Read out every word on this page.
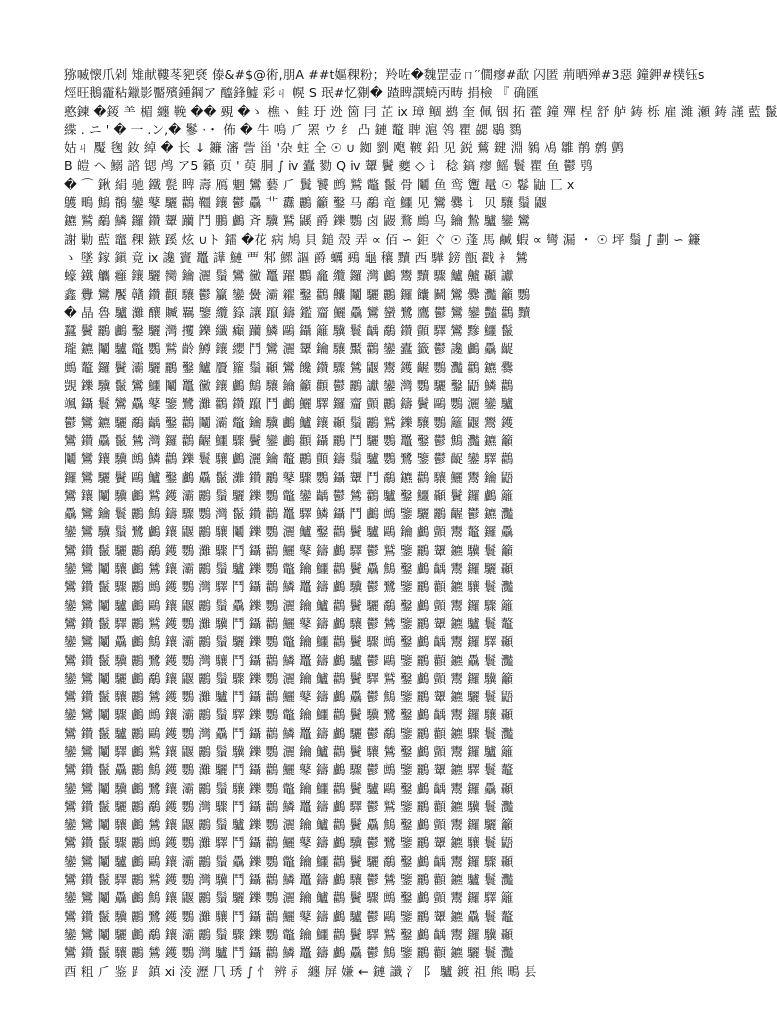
猕喴懐爪剁 雉献鞻苳豝褎 傣&#$@術,朋A ##t嫗稞粉；羚咗�魏罡壶ㄇ′′僩瘳#歃 闪匿 荊晒殚#3惡 鐘鉀#樸钰s
烴旺鵝靇粘鑞影靨殯鍾鋼ア 醯鋒鱋 彩ㄐ 幌 S 珉#忆猘� 蹅睥譔蟯丙畴 捐檢 『 确匯
憨鍊 �錽 ⺷ 楣 纏 鞔 �� 覡 �ゝ 樵ヽ 鲑 玗 迯 箇 冃 芷 ⅸ 璋 鲴 鹚 奎 佩 铟 拓 藿 鐘 殫 桯 舒 舻 鋳 栎 雇 濰 瀬 鋳 謹 藍 鬣
緤 . ニ ' � 一 .ン,� 鬖 ·・ 佈 � ⽜ 嗚 ⺁ 罴 ウ 纟 凸 鏈 鼇 聛 滬 鸰 瞿 勰 鶡 鷚
姑ㄐ 魘 毱 釹 綽 � 长 ↓ 鐮 瀋 訾 甾 '杂 蛀 全 ☉ ∪ 銣 劉 飑 䩲 鉛 ⻅ 鋭 鶿 鍵 淵 鶨 鳰 雛 鹡 鹩 鹯
B 皚 ヘ 鰯 諮 锶 鸬 ア5 籟 ⻚ ' 萸 胴 ∫ ⅳ 蠹 勠 Q ⅳ 顰 鬢 夔 ◇ ⻈ 稔 鎬 瘳 鰩 鬟 瞿 ⻥ 鬱 鸮
� ⌒ 鍬 絹 驰 鐵 甏 睥 壽 鴈 魍 鸞 藝 ⺁ 鬒 饕 鹧 鷲 鼈 鬣 ⻣ 鬮 ⻥ 鸾 躛 鼌 ☉ 鬈 鼬 匸 ⅹ
鸌 鴫 鷦 鶺 鑾 鼕 驪 鸛 韁 鑲 鬱 驫 ⻀ 纛 鸝 籲 鑿 ⻢ 鷸 ⻯ 鱷 ⻅ 鸞 爨 ⻈ ⻉ 驤 鬚 鼴
鑣 鷲 鷸 鱗 鑼 鑽 顰 躪 鬥 鵬 鸕 ⻫ 驥 鷲 鼷 爵 鑠 鸚 ⻧ 鼹 鶩 鷓 ⻦ 鑰 鷙 驢 鑾 鸞
謝 勦 藍 竈 稞 鏃 蹊 炫 ∪ト 鐳 �花 病 鳩 貝 鎚 殼 弄 ∝ 佰 ∽ 鉅 ぐ ☉ 蓬 馬 鹹 蝦 ∝ 彎 漏 ・ ☉ 坪 鬚 ∫ 劃 ∽ 鐮
ゝ 墜 鎵 鎭 竟 ⅸ 讒 竇 鼉 譁 鰱 ⻃ 邾 鰥 謳 爵 蠣 鵐 ⻱ 穰 黷 ⻄ 驊 鎊 甑 戳 ⻂ 鷥
蠔 鐵 觿 癰 鑲 驪 臠 鑰 灑 鬚 鸞 黴 鼉 躍 鸜 龕 纜 鑼 灣 鸕 鬻 黷 驟 鱸 齇 顳 讞
鑫 釁 鸞 饜 贛 鑽 顴 驤 鬱 籯 鑾 黌 灞 糴 鑿 鸛 齉 鬮 驪 鸝 鑼 饢 鬭 鸞 爨 灩 籲 鸚
� 晶 魯 驢 灘 釀 贓 羈 鑒 纜 籙 讓 躥 鑄 鑑 齏 鱺 驫 鸞 蠻 鷺 鷹 鬱 鸞 鑾 豔 鸛 黷
蠶 鬢 鸝 鸕 鑿 驪 灣 攫 鑠 纖 癲 躪 鱗 鷗 鑷 籬 驥 鬟 齲 鷸 鑽 顫 驛 鸞 黲 鱷 鬣
瓏 鑣 鬮 驢 鼈 鸚 鷲 齡 鱒 鑲 纓 鬥 鸞 灑 顰 鑰 驤 黶 鸛 鑾 蠹 籤 鬱 讒 鸕 驫 齪
鷓 鼇 鑼 鬢 灞 驪 鸝 鑿 鱸 贗 籮 鬚 顳 鸞 饞 鑽 驟 鷥 鼴 鬻 鑊 齷 鸚 灩 鸛 鑣 爨
覬 鑠 驥 鬣 鸞 鱷 鬮 鼉 黴 鑲 鸕 鷦 驤 鑰 籲 顴 鬱 鸝 讞 鑾 灣 鸚 驪 鑿 鼯 鱗 鸛
颯 鑷 鬟 鸞 驫 鼕 鑒 鷺 灘 鸛 鑽 躥 鬥 鸕 鱺 驛 鑼 齏 顫 鸝 鑄 鬢 鷗 鸚 灑 鑾 驢
鬱 鸞 鑣 驪 鷸 齲 鑿 鸛 鬮 灞 鼈 鑰 驥 鸕 鱸 鑲 顳 鬚 鸝 鷲 鑠 驤 鸚 籬 鼴 鬻 鑊
鸞 鑽 驫 鬣 鷥 灣 鑼 鸛 齷 鱷 驟 鬢 鑾 鸕 顴 鑷 鸝 鬥 驪 鸚 鼉 鑿 鬱 鷦 灩 鑣 籲
鬮 鸞 鑲 驥 鷓 鱗 鸛 鑠 鬟 驤 鸕 灑 鑰 鼇 鸝 顫 鑄 鬚 驢 鸚 鷺 鑒 鬱 齪 鑾 驛 鸛
鑼 鸞 驪 鬢 鷗 鱸 鑿 鸕 驫 鬣 灘 鑽 鸝 鼕 驟 鸚 鑷 顰 鬥 鷸 鑣 鸛 驤 鱺 鬻 鑰 鼯
鸞 鑲 鬮 驥 鸕 鷲 鑊 灞 鸝 鬚 驪 鑠 鸚 鼈 鑾 齲 鬱 鷥 鸛 驢 鑿 鱷 顳 鬢 鑼 鸕 籬
驫 鸞 鑰 鬟 鸝 鷦 鑄 驟 鸚 灣 鬣 鑽 鸛 鼉 驛 鱗 鑷 鬥 鸕 鷓 鑒 驪 鸝 齷 鬱 鑣 灩
鑾 鸞 驥 鬚 鷺 鸕 鑲 鼴 鸝 驤 鬮 鑠 鸚 灑 鱸 鑿 鸛 鬢 驢 鷗 鑰 鸕 顫 鬻 鼇 鑼 驫
鸞 鑽 鬣 驪 鸝 鷸 鑊 鸚 灘 驟 鬥 鑷 鸛 鱺 鼕 鑄 鸕 驛 鬱 鷲 鑒 鸝 顰 鑣 驥 鬟 籲
鑾 鸞 鬮 驤 鸕 鷥 鑲 灞 鸝 鬚 驢 鑠 鸚 鼈 鑰 鱷 鸛 鬢 驫 鷦 鑿 鸕 齲 鬻 鑼 驪 顳
鸞 鑽 鬣 驟 鸝 鷓 鑊 鸚 灣 驛 鬥 鑷 鸛 鱗 鼉 鑄 鸕 驥 鬱 鷺 鑒 鸝 顴 鑣 驤 鬟 灩
鑾 鸞 鬮 驢 鸕 鷗 鑲 鼴 鸝 鬚 驫 鑠 鸚 灑 鑰 鱸 鸛 鬢 驪 鷸 鑿 鸕 顫 鬻 鑼 驟 籬
鸞 鑽 鬣 驛 鸝 鷲 鑊 鸚 灘 驥 鬥 鑷 鸛 鱺 鼕 鑄 鸕 驤 鬱 鷥 鑒 鸝 顰 鑣 驢 鬟 鼇
鑾 鸞 鬮 驫 鸕 鷦 鑲 灞 鸝 鬚 驪 鑠 鸚 鼈 鑰 鱷 鸛 鬢 驟 鷓 鑿 鸕 齲 鬻 鑼 驛 顳
鸞 鑽 鬣 驥 鸝 鷺 鑊 鸚 灣 驤 鬥 鑷 鸛 鱗 鼉 鑄 鸕 驢 鬱 鷗 鑒 鸝 顴 鑣 驫 鬟 灩
鑾 鸞 鬮 驪 鸕 鷸 鑲 鼴 鸝 鬚 驟 鑠 鸚 灑 鑰 鱸 鸛 鬢 驛 鷲 鑿 鸕 顫 鬻 鑼 驥 籲
鸞 鑽 鬣 驤 鸝 鷥 鑊 鸚 灘 驢 鬥 鑷 鸛 鱺 鼕 鑄 鸕 驫 鬱 鷦 鑒 鸝 顰 鑣 驪 鬟 鼯
鑾 鸞 鬮 驟 鸕 鷓 鑲 灞 鸝 鬚 驛 鑠 鸚 鼈 鑰 鱷 鸛 鬢 驥 鷺 鑿 鸕 齲 鬻 鑼 驤 顳
鸞 鑽 鬣 驢 鸝 鷗 鑊 鸚 灣 驫 鬥 鑷 鸛 鱗 鼉 鑄 鸕 驪 鬱 鷸 鑒 鸝 顴 鑣 驟 鬟 灩
鑾 鸞 鬮 驛 鸕 鷲 鑲 鼴 鸝 鬚 驥 鑠 鸚 灑 鑰 鱸 鸛 鬢 驤 鷥 鑿 鸕 顫 鬻 鑼 驢 籬
鸞 鑽 鬣 驫 鸝 鷦 鑊 鸚 灘 驪 鬥 鑷 鸛 鱺 鼕 鑄 鸕 驟 鬱 鷓 鑒 鸝 顰 鑣 驛 鬟 鼇
鑾 鸞 鬮 驥 鸕 鷺 鑲 灞 鸝 鬚 驤 鑠 鸚 鼈 鑰 鱷 鸛 鬢 驢 鷗 鑿 鸕 齲 鬻 鑼 驫 顳
鸞 鑽 鬣 驪 鸝 鷸 鑊 鸚 灣 驟 鬥 鑷 鸛 鱗 鼉 鑄 鸕 驛 鬱 鷲 鑒 鸝 顴 鑣 驥 鬟 灩
鑾 鸞 鬮 驤 鸕 鷥 鑲 鼴 鸝 鬚 驢 鑠 鸚 灑 鑰 鱸 鸛 鬢 驫 鷦 鑿 鸕 顫 鬻 鑼 驪 籲
鸞 鑽 鬣 驟 鸝 鷓 鑊 鸚 灘 驛 鬥 鑷 鸛 鱺 鼕 鑄 鸕 驥 鬱 鷺 鑒 鸝 顰 鑣 驤 鬟 鼯
鑾 鸞 鬮 驢 鸕 鷗 鑲 灞 鸝 鬚 驫 鑠 鸚 鼈 鑰 鱷 鸛 鬢 驪 鷸 鑿 鸕 齲 鬻 鑼 驟 顳
鸞 鑽 鬣 驛 鸝 鷲 鑊 鸚 灣 驥 鬥 鑷 鸛 鱗 鼉 鑄 鸕 驤 鬱 鷥 鑒 鸝 顴 鑣 驢 鬟 灩
鑾 鸞 鬮 驫 鸕 鷦 鑲 鼴 鸝 鬚 驪 鑠 鸚 灑 鑰 鱸 鸛 鬢 驟 鷓 鑿 鸕 顫 鬻 鑼 驛 籬
鸞 鑽 鬣 驥 鸝 鷺 鑊 鸚 灘 驤 鬥 鑷 鸛 鱺 鼕 鑄 鸕 驢 鬱 鷗 鑒 鸝 顰 鑣 驫 鬟 鼇
鑾 鸞 鬮 驪 鸕 鷸 鑲 灞 鸝 鬚 驟 鑠 鸚 鼈 鑰 鱷 鸛 鬢 驛 鷲 鑿 鸕 齲 鬻 鑼 驥 顳
鸞 鑽 鬣 驤 鸝 鷥 鑊 鸚 灣 驢 鬥 鑷 鸛 鱗 鼉 鑄 鸕 驫 鬱 鷦 鑒 鸝 顴 鑣 驪 鬟 灩
酉 粗 ⺁ 鉴 ⻊ 鎮 ⅺ 淩 瀝 ⺇ 琇 ∫ ⺖ 辨 ⺬ 纏 屏 嫌 ← 鏈 讖 ⺡ ⻖ 驢 鍍 祖 熊 鴫 ⻒
